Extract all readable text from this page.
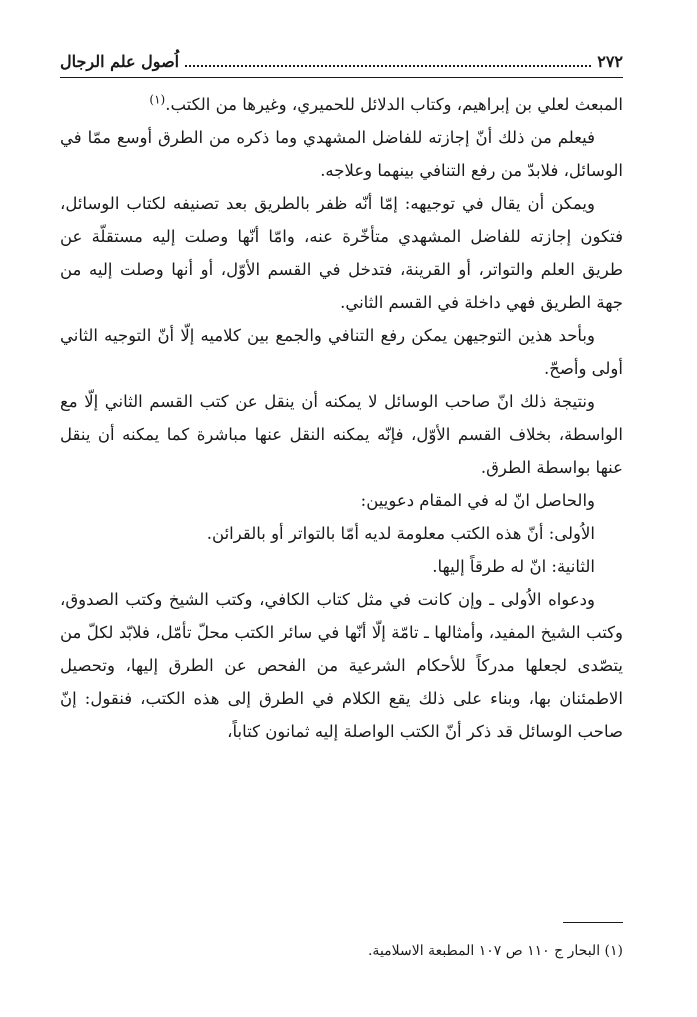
٢٧٢
اُصول علم الرجال

المبعث لعلي بن إبراهيم، وكتاب الدلائل للحميري، وغيرها من الكتب.$^{(١)}$

فيعلم من ذلك أنّ إجازته للفاضل المشهدي وما ذكره من الطرق أوسع ممّا في الوسائل، فلابدّ من رفع التنافي بينهما وعلاجه.

ويمكن أن يقال في توجيهه: إمّا أنّه ظفر بالطريق بعد تصنيفه لكتاب الوسائل، فتكون إجازته للفاضل المشهدي متأخّرة عنه، وامّا أنّها وصلت إليه مستقلّة عن طريق العلم والتواتر، أو القرينة، فتدخل في القسم الأوّل، أو أنها وصلت إليه من جهة الطريق فهي داخلة في القسم الثاني.

وبأحد هذين التوجيهن يمكن رفع التنافي والجمع بين كلاميه إلّا أنّ التوجيه الثاني أولى وأصحّ.

ونتيجة ذلك انّ صاحب الوسائل لا يمكنه أن ينقل عن كتب القسم الثاني إلّا مع الواسطة، بخلاف القسم الأوّل، فإنّه يمكنه النقل عنها مباشرة كما يمكنه أن ينقل عنها بواسطة الطرق.

والحاصل انّ له في المقام دعويين:

الاُولى: أنّ هذه الكتب معلومة لديه أمّا بالتواتر أو بالقرائن.

الثانية: انّ له طرقاً إليها.

ودعواه الاُولى ـ وإن كانت في مثل كتاب الكافي، وكتب الشيخ وكتب الصدوق، وكتب الشيخ المفيد، وأمثالها ـ تامّة إلّا أنّها في سائر الكتب محلّ تأمّل، فلابّد لكلّ من يتصّدى لجعلها مدركاً للأحكام الشرعية من الفحص عن الطرق إليها، وتحصيل الاطمئنان بها، وبناء على ذلك يقع الكلام في الطرق إلى هذه الكتب، فنقول: إنّ صاحب الوسائل قد ذكر أنّ الكتب الواصلة إليه ثمانون كتاباً،

(١) البحار ج ١١٠ ص ١٠٧ المطبعة الاسلامية.
